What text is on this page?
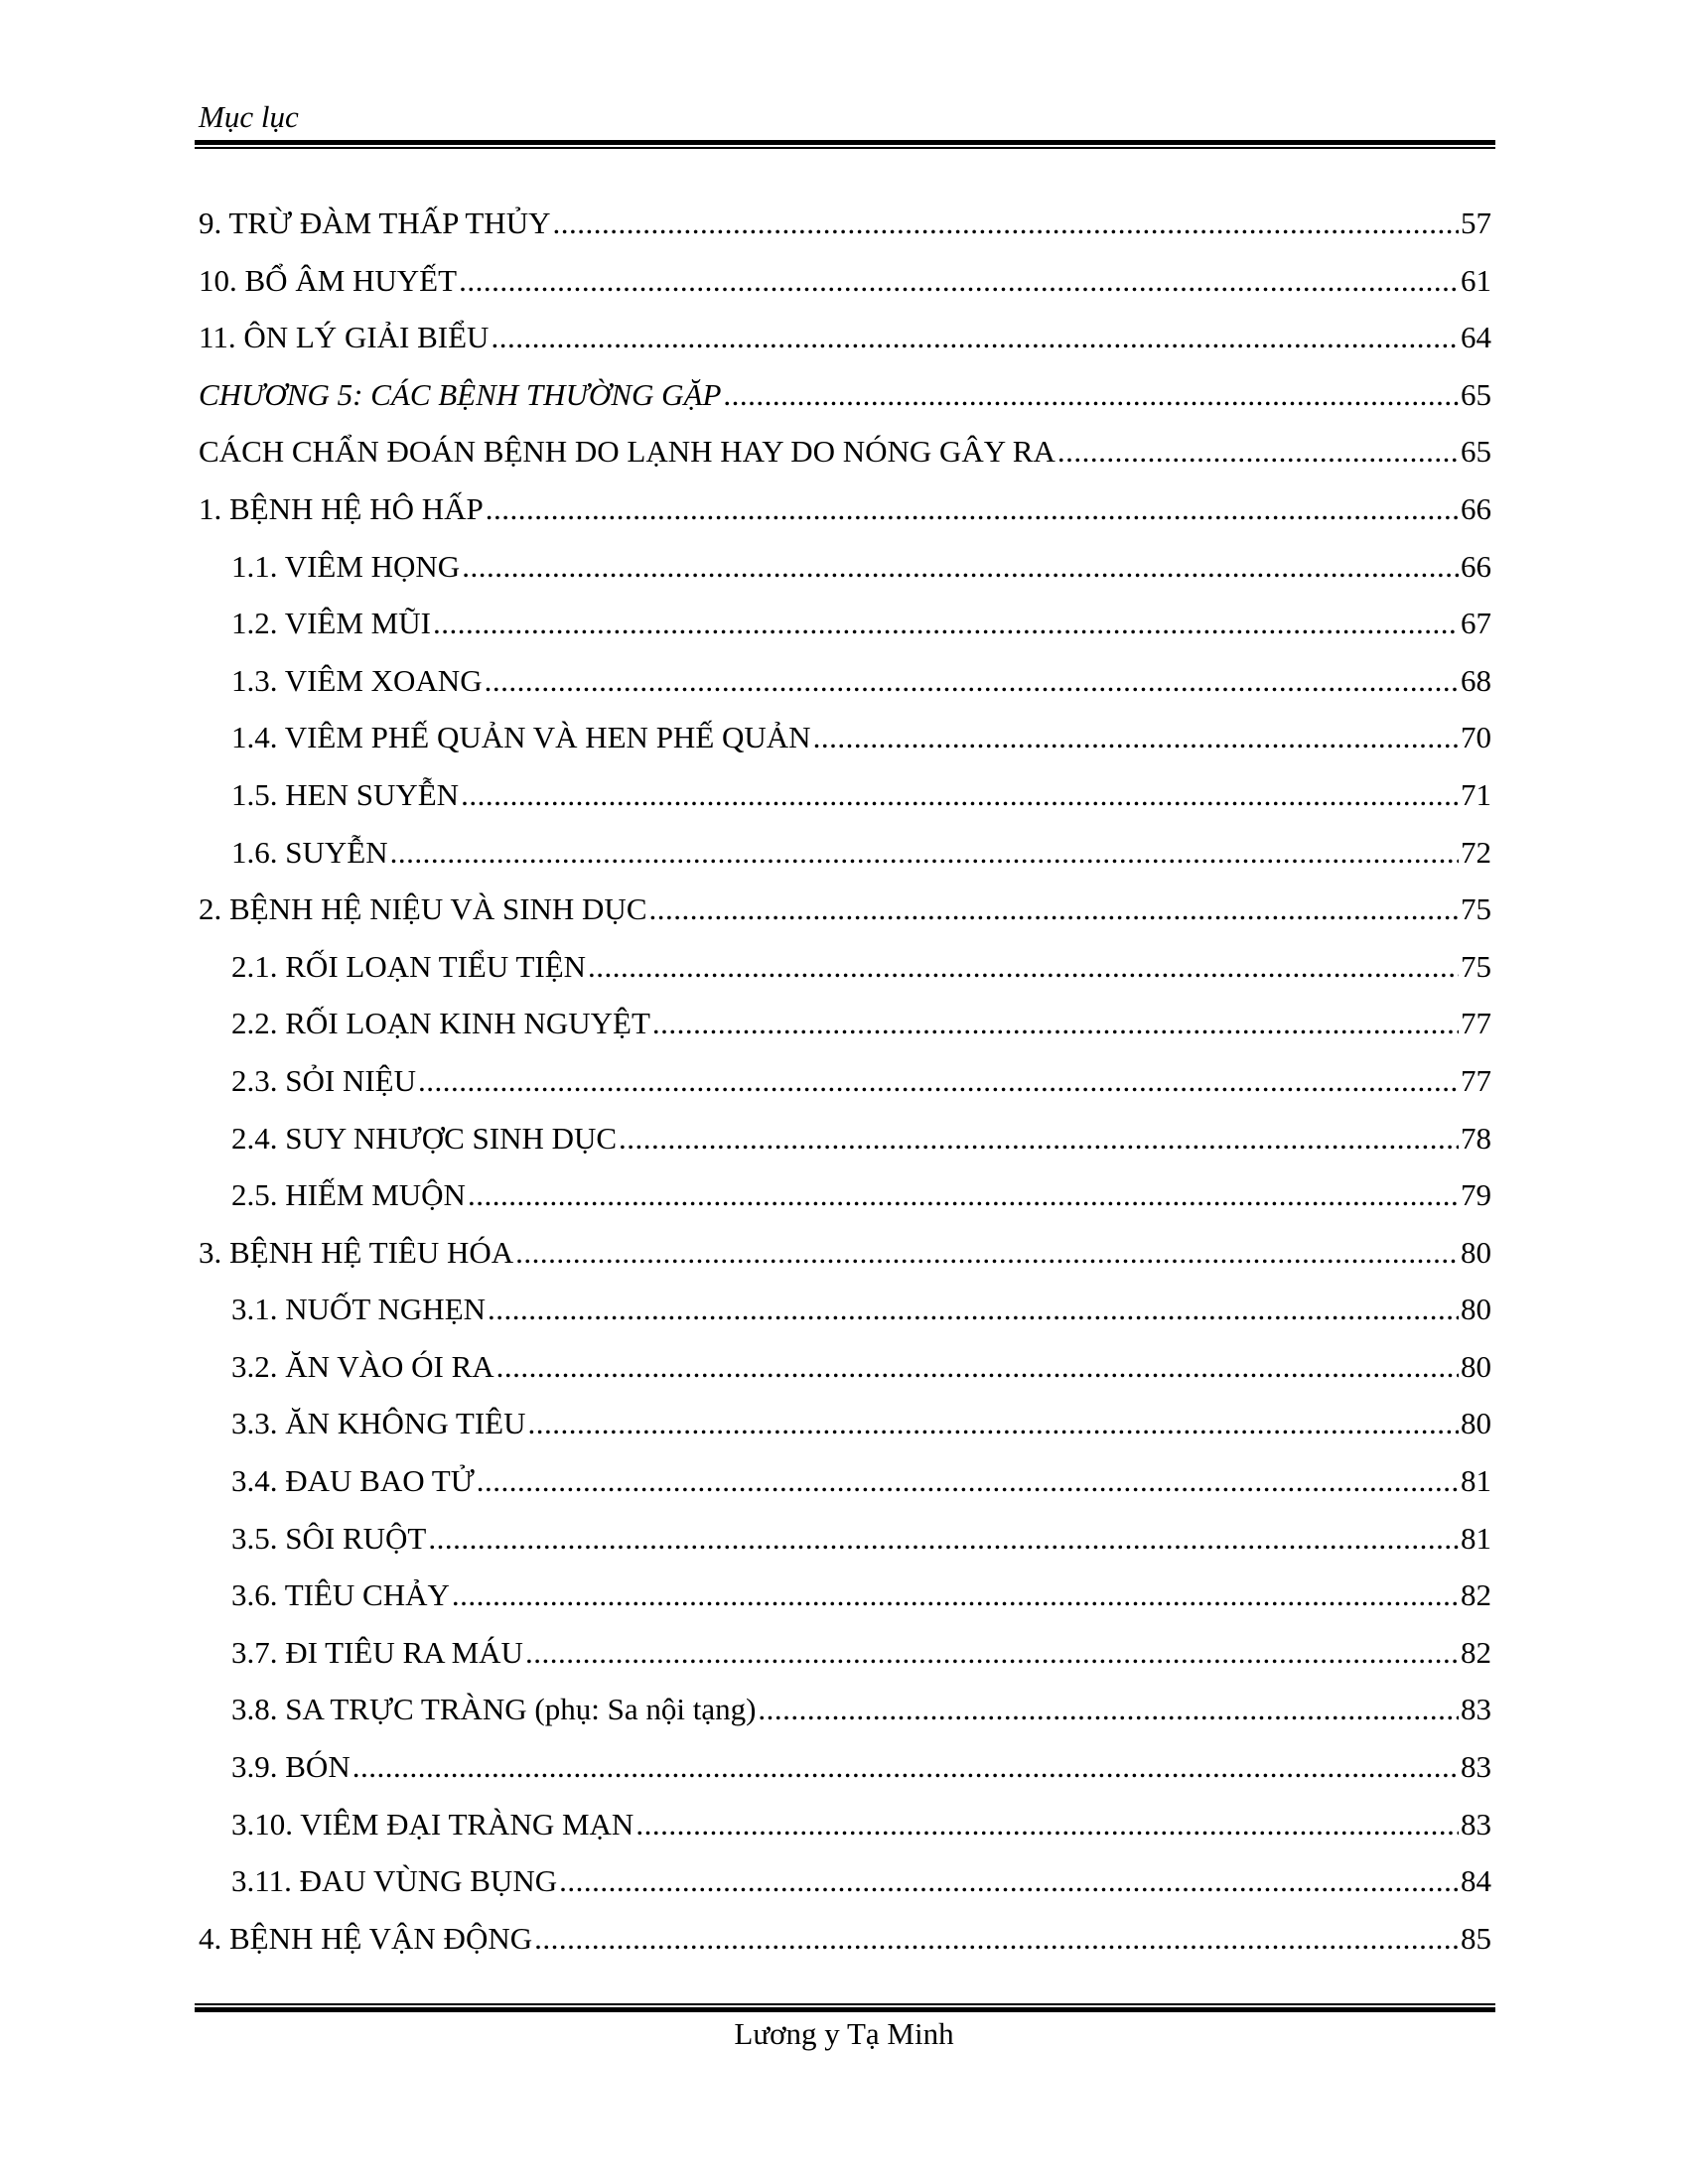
Mục lục
9. TRỪ ĐÀM THẤP THỦY .....	57
10. BỔ ÂM HUYẾT .....	61
11. ÔN LÝ GIẢI BIỂU .....	64
CHƯƠNG 5: CÁC BỆNH THƯỜNG GẶP .....	65
CÁCH CHẨN ĐOÁN BỆNH DO LẠNH HAY DO NÓNG GÂY RA .....	65
1. BỆNH HỆ HÔ HẤP .....	66
1.1. VIÊM HỌNG .....	66
1.2. VIÊM MŨI .....	67
1.3. VIÊM XOANG .....	68
1.4. VIÊM PHẾ QUẢN VÀ HEN PHẾ QUẢN .....	70
1.5. HEN SUYỄN .....	71
1.6. SUYỄN .....	72
2. BỆNH HỆ NIỆU VÀ SINH DỤC .....	75
2.1. RỐI LOẠN TIỂU TIỆN .....	75
2.2. RỐI LOẠN KINH NGUYỆT .....	77
2.3. SỎI NIỆU .....	77
2.4. SUY NHƯỢC SINH DỤC .....	78
2.5. HIẾM MUỘN .....	79
3. BỆNH HỆ TIÊU HÓA .....	80
3.1. NUỐT NGHẸN .....	80
3.2. ĂN VÀO ÓI RA .....	80
3.3. ĂN KHÔNG TIÊU .....	80
3.4. ĐAU BAO TỬ .....	81
3.5. SÔI RUỘT .....	81
3.6. TIÊU CHẢY .....	82
3.7. ĐI TIÊU RA MÁU .....	82
3.8. SA TRỰC TRÀNG (phụ: Sa nội tạng) .....	83
3.9. BÓN .....	83
3.10. VIÊM ĐẠI TRÀNG MẠN .....	83
3.11. ĐAU VÙNG BỤNG .....	84
4. BỆNH HỆ VẬN ĐỘNG .....	85
Lương y Tạ Minh
